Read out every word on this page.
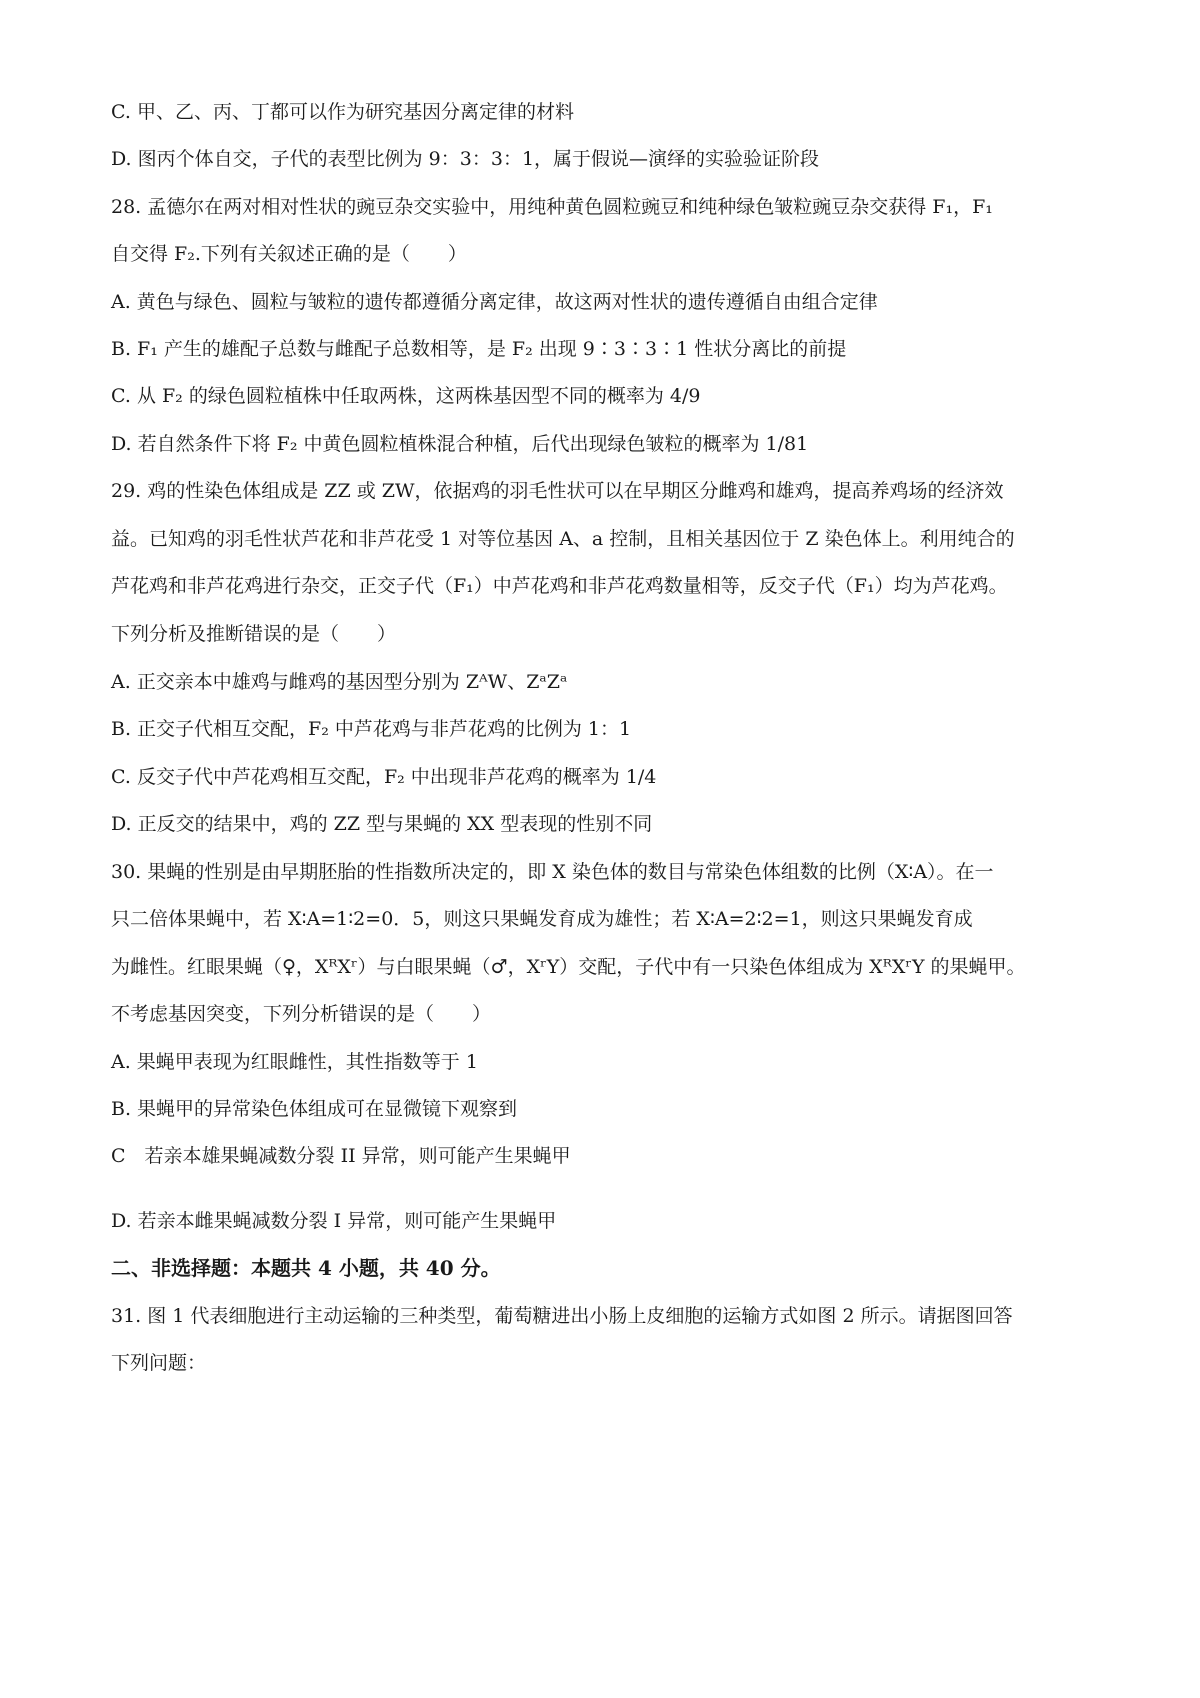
C. 甲、乙、丙、丁都可以作为研究基因分离定律的材料
D. 图丙个体自交，子代的表型比例为 9：3：3：1，属于假说—演绎的实验验证阶段
28. 孟德尔在两对相对性状的豌豆杂交实验中，用纯种黄色圆粒豌豆和纯种绿色皱粒豌豆杂交获得 F₁，F₁
自交得 F₂.下列有关叙述正确的是（　　）
A. 黄色与绿色、圆粒与皱粒的遗传都遵循分离定律，故这两对性状的遗传遵循自由组合定律
B. F₁ 产生的雄配子总数与雌配子总数相等，是 F₂ 出现 9∶3∶3∶1 性状分离比的前提
C. 从 F₂ 的绿色圆粒植株中任取两株，这两株基因型不同的概率为 4/9
D. 若自然条件下将 F₂ 中黄色圆粒植株混合种植，后代出现绿色皱粒的概率为 1/81
29. 鸡的性染色体组成是 ZZ 或 ZW，依据鸡的羽毛性状可以在早期区分雌鸡和雄鸡，提高养鸡场的经济效
益。已知鸡的羽毛性状芦花和非芦花受 1 对等位基因 A、a 控制，且相关基因位于 Z 染色体上。利用纯合的
芦花鸡和非芦花鸡进行杂交，正交子代（F₁）中芦花鸡和非芦花鸡数量相等，反交子代（F₁）均为芦花鸡。
下列分析及推断错误的是（　　）
A. 正交亲本中雄鸡与雌鸡的基因型分别为 ZᴬW、ZᵃZᵃ
B. 正交子代相互交配，F₂ 中芦花鸡与非芦花鸡的比例为 1：1
C. 反交子代中芦花鸡相互交配，F₂ 中出现非芦花鸡的概率为 1/4
D. 正反交的结果中，鸡的 ZZ 型与果蝇的 XX 型表现的性别不同
30. 果蝇的性别是由早期胚胎的性指数所决定的，即 X 染色体的数目与常染色体组数的比例（X∶A）。在一
只二倍体果蝇中，若 X∶A=1∶2=0．5，则这只果蝇发育成为雄性；若 X∶A=2∶2=1，则这只果蝇发育成
为雌性。红眼果蝇（♀，XᴿXʳ）与白眼果蝇（♂，XʳY）交配，子代中有一只染色体组成为 XᴿXʳY 的果蝇甲。
不考虑基因突变，下列分析错误的是（　　）
A. 果蝇甲表现为红眼雌性，其性指数等于 1
B. 果蝇甲的异常染色体组成可在显微镜下观察到
C　若亲本雄果蝇减数分裂 II 异常，则可能产生果蝇甲
D. 若亲本雌果蝇减数分裂 I 异常，则可能产生果蝇甲
二、非选择题：本题共 4 小题，共 40 分。
31. 图 1 代表细胞进行主动运输的三种类型，葡萄糖进出小肠上皮细胞的运输方式如图 2 所示。请据图回答
下列问题：
